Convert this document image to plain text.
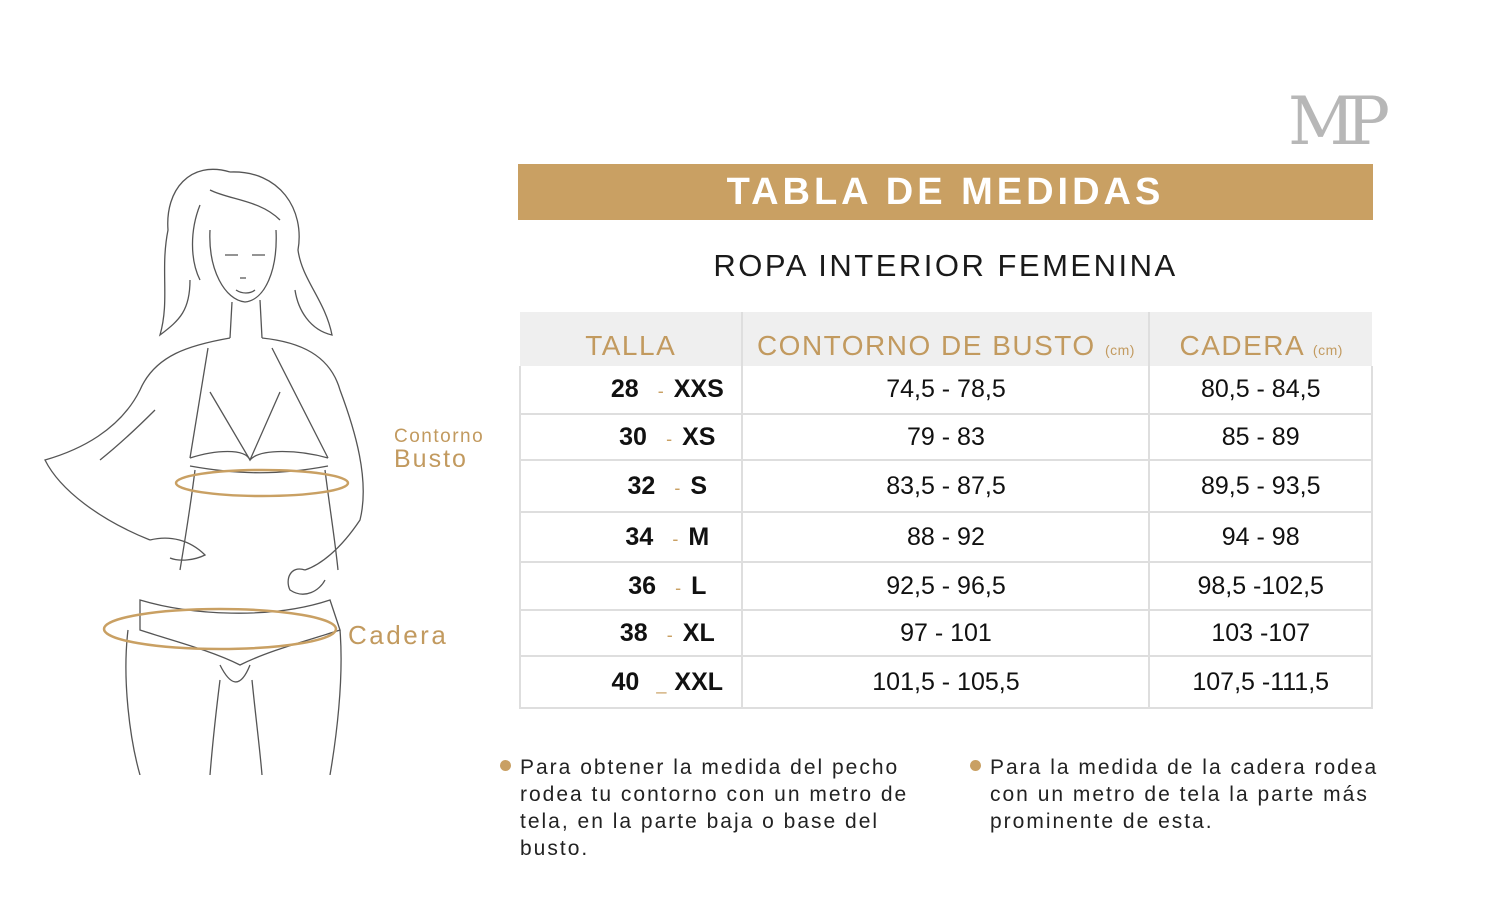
MP
TABLA DE MEDIDAS
ROPA INTERIOR FEMENINA
Contorno
Busto
Cadera
TALLA	CONTORNO DE BUSTO (cm)	CADERA (cm)
28 - XXS	74,5 - 78,5	80,5 - 84,5
30 - XS	79 - 83	85 - 89
32 - S	83,5 - 87,5	89,5 - 93,5
34 - M	88 - 92	94 - 98
36 - L	92,5 - 96,5	98,5 -102,5
38 - XL	97 - 101	103 -107
40 _ XXL	101,5 - 105,5	107,5 -111,5
Para obtener la medida del pecho rodea tu contorno con un metro de tela, en la parte baja o base del busto.
Para la medida de la cadera rodea con un metro de tela la parte más prominente de esta.
